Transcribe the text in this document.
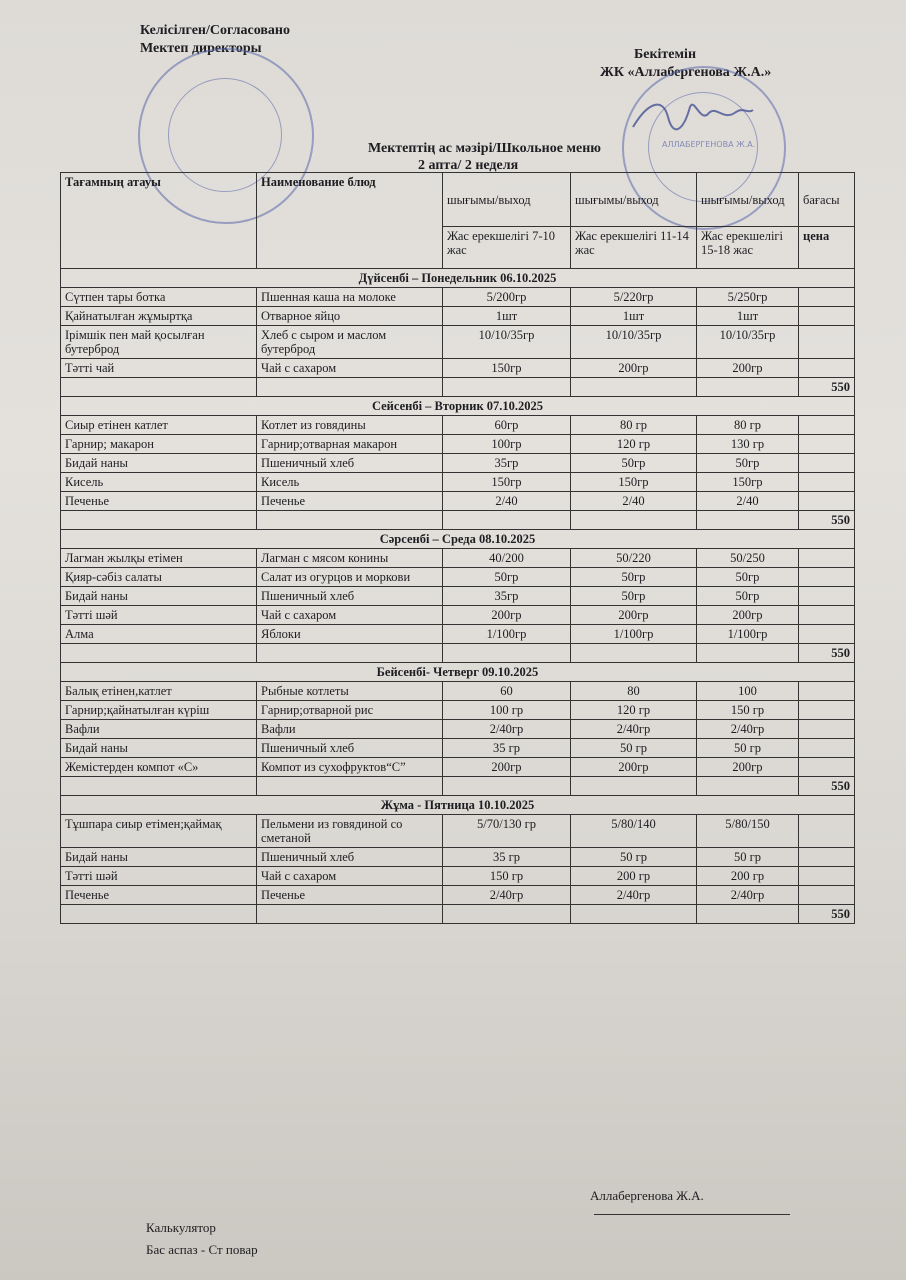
Келісілген/Согласовано
Мектеп директоры	Бекітемін
ЖК «Аллабергенова Ж.А.»
АЛЛАБЕРГЕНОВА Ж.А.
Мектептің ас мәзірі/Школьное меню
2 апта/ 2 неделя
Тағамның атауы	Наименование блюд	шығымы/выход	шығымы/выход	шығымы/выход	бағасы
		Жас ерекшелігі 7-10 жас	Жас ерекшелігі 11-14 жас	Жас ерекшелігі 15-18 жас	цена
Дүйсенбі – Понедельник 06.10.2025					
Сүтпен тары ботка	Пшенная каша на молоке	5/200гр	5/220гр	5/250гр	
Қайнатылған жұмыртқа	Отварное яйцо	1шт	1шт	1шт	
Ірімшік пен май қосылған бутерброд	Хлеб с сыром и маслом бутерброд	10/10/35гр	10/10/35гр	10/10/35гр	
Тәтті чай	Чай с сахаром	150гр	200гр	200гр	
					550
Сейсенбі – Вторник 07.10.2025					
Сиыр етінен катлет	Котлет из говядины	60гр	80 гр	80 гр	
Гарнир; макарон	Гарнир;отварная макарон	100гр	120 гр	130 гр	
Бидай наны	Пшеничный хлеб	35гр	50гр	50гр	
Кисель	Кисель	150гр	150гр	150гр	
Печенье	Печенье	2/40	2/40	2/40	
					550
Сәрсенбі – Среда 08.10.2025					
Лагман жылқы етімен	Лагман с мясом конины	40/200	50/220	50/250	
Қияр-сәбіз салаты	Салат из огурцов и моркови	50гр	50гр	50гр	
Бидай наны	Пшеничный хлеб	35гр	50гр	50гр	
Тәтті шәй	Чай с сахаром	200гр	200гр	200гр	
Алма	Яблоки	1/100гр	1/100гр	1/100гр	
					550
Бейсенбі- Четверг 09.10.2025					
Балық етінен,катлет	Рыбные котлеты	60	80	100	
Гарнир;қайнатылған күріш	Гарнир;отварной рис	100 гр	120 гр	150 гр	
Вафли	Вафли	2/40гр	2/40гр	2/40гр	
Бидай наны	Пшеничный хлеб	35 гр	50 гр	50 гр	
Жемістерден компот «С»	Компот из сухофруктов“С”	200гр	200гр	200гр	
					550
Жұма - Пятница 10.10.2025					
Тұшпара сиыр етімен;қаймақ	Пельмени из говядиной со сметаной	5/70/130 гр	5/80/140	5/80/150	
Бидай наны	Пшеничный хлеб	35 гр	50 гр	50 гр	
Тәтті шәй	Чай с сахаром	150 гр	200 гр	200 гр	
Печенье	Печенье	2/40гр	2/40гр	2/40гр	
					550
Аллабергенова Ж.А.
Калькулятор
Бас аспаз - Ст повар
